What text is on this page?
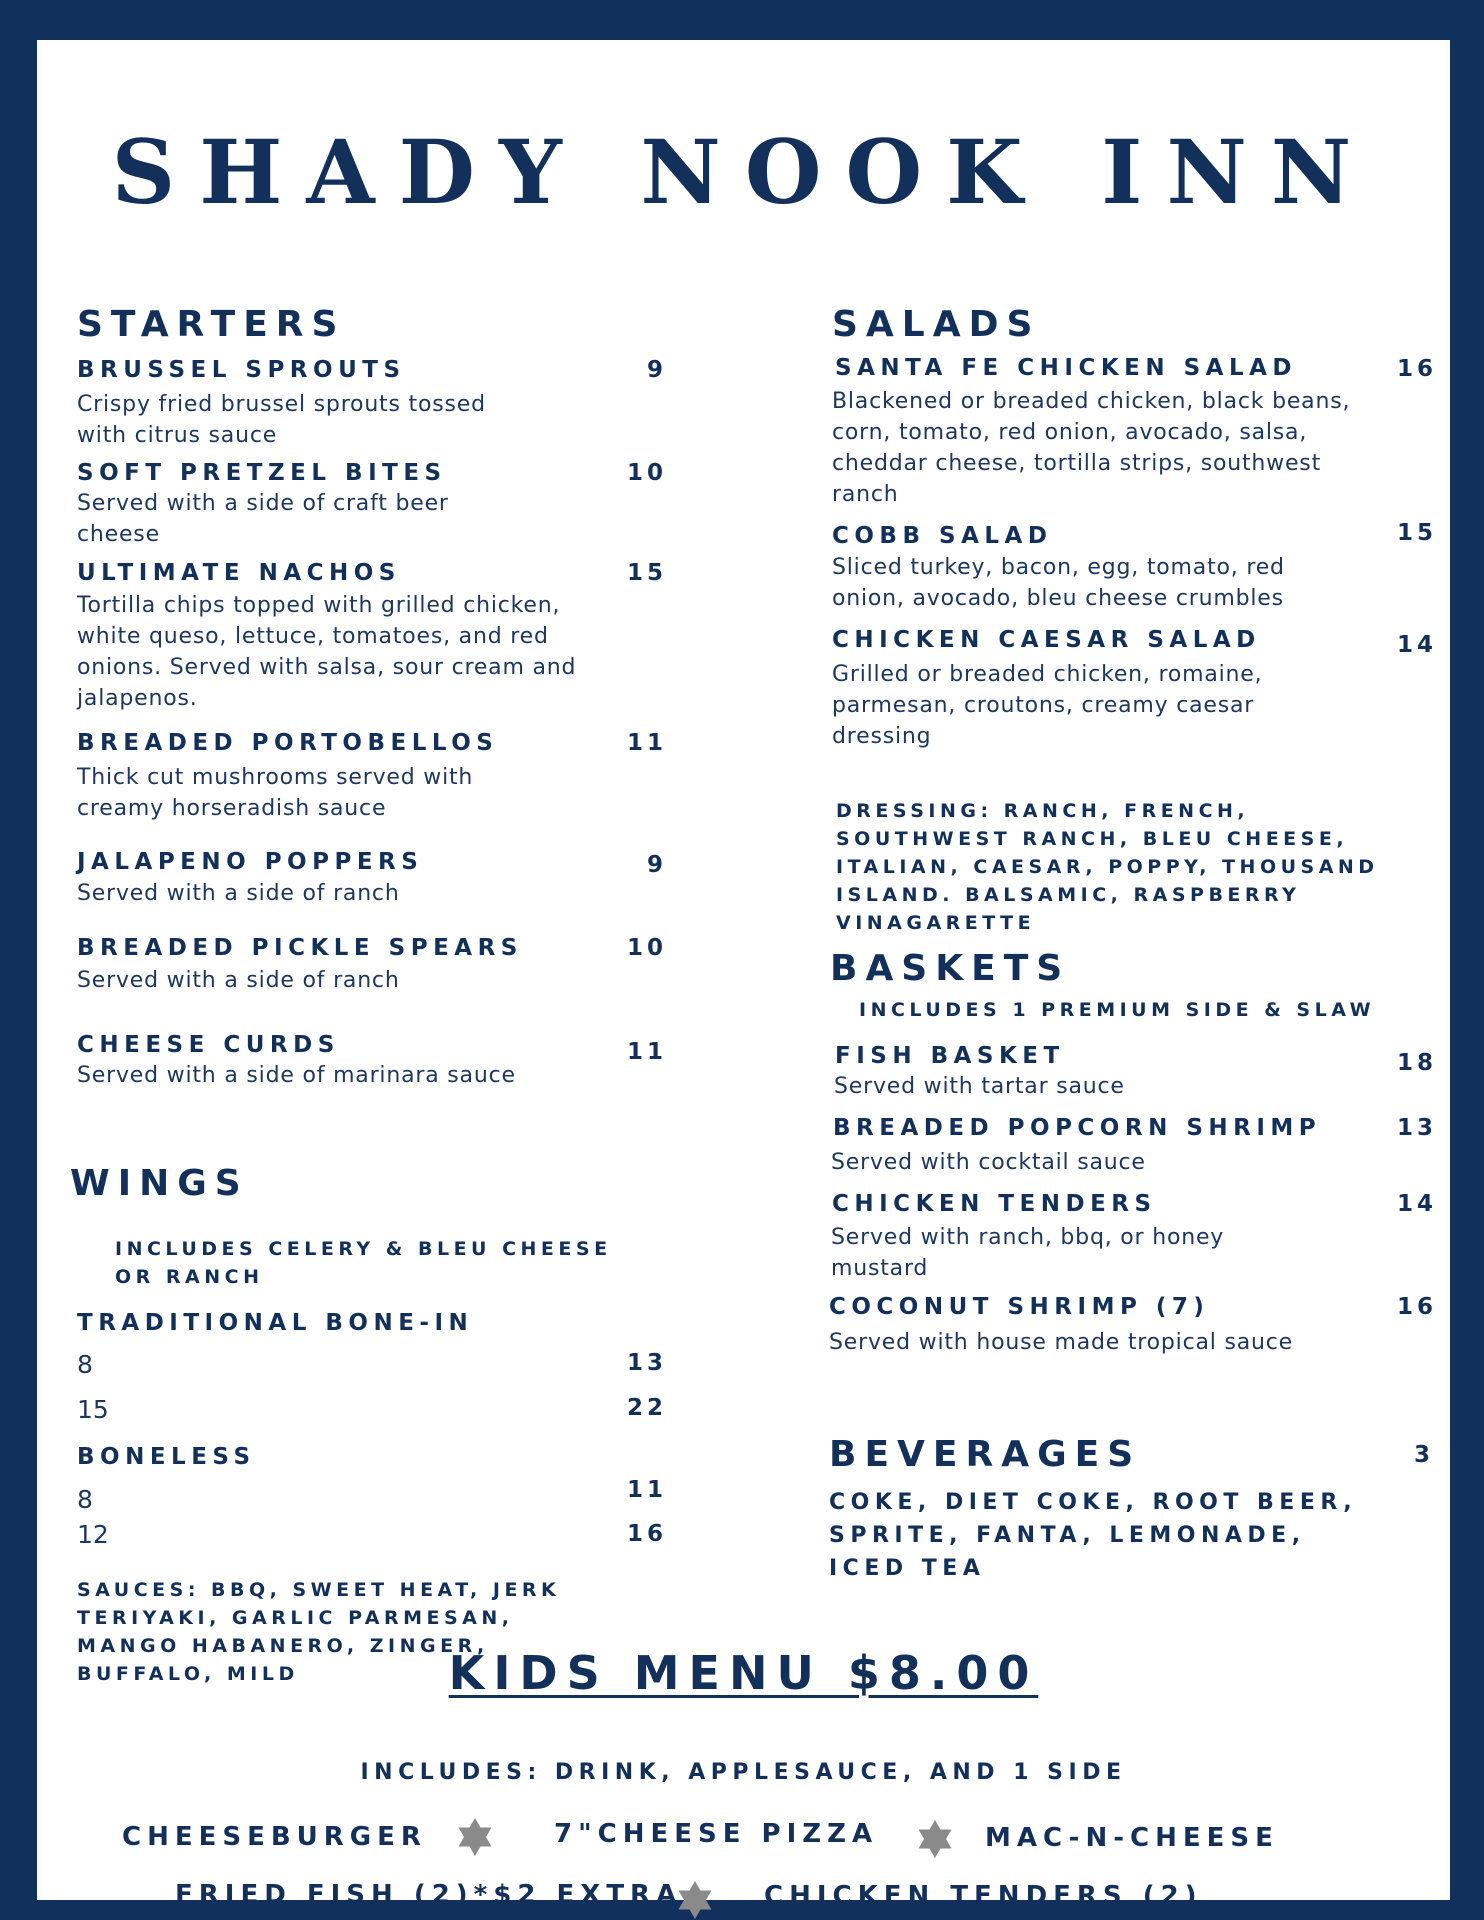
SHADY NOOK INN
STARTERS
BRUSSEL SPROUTS	9
Crispy fried brussel sprouts tossed with citrus sauce
SOFT PRETZEL BITES	10
Served with a side of craft beer cheese
ULTIMATE NACHOS	15
Tortilla chips topped with grilled chicken, white queso, lettuce, tomatoes, and red onions. Served with salsa, sour cream and jalapenos.
BREADED PORTOBELLOS	11
Thick cut mushrooms served with creamy horseradish sauce
JALAPENO POPPERS	9
Served with a side of ranch
BREADED PICKLE SPEARS	10
Served with a side of ranch
CHEESE CURDS	11
Served with a side of marinara sauce
WINGS
INCLUDES CELERY & BLEU CHEESE OR RANCH
TRADITIONAL BONE-IN
8	13
15	22
BONELESS
8	11
12	16
SAUCES: BBQ, SWEET HEAT, JERK TERIYAKI, GARLIC PARMESAN, MANGO HABANERO, ZINGER, BUFFALO, MILD
SALADS
SANTA FE CHICKEN SALAD	16
Blackened or breaded chicken, black beans, corn, tomato, red onion, avocado, salsa, cheddar cheese, tortilla strips, southwest ranch
COBB SALAD	15
Sliced turkey, bacon, egg, tomato, red onion, avocado, bleu cheese crumbles
CHICKEN CAESAR SALAD	14
Grilled or breaded chicken, romaine, parmesan, croutons, creamy caesar dressing
DRESSING: RANCH, FRENCH, SOUTHWEST RANCH, BLEU CHEESE, ITALIAN, CAESAR, POPPY, THOUSAND ISLAND. BALSAMIC, RASPBERRY VINAGARETTE
BASKETS
INCLUDES 1 PREMIUM SIDE & SLAW
FISH BASKET	18
Served with tartar sauce
BREADED POPCORN SHRIMP	13
Served with cocktail sauce
CHICKEN TENDERS	14
Served with ranch, bbq, or honey mustard
COCONUT SHRIMP (7)	16
Served with house made tropical sauce
BEVERAGES	3
COKE, DIET COKE, ROOT BEER, SPRITE, FANTA, LEMONADE, ICED TEA
KIDS MENU $8.00
INCLUDES: DRINK, APPLESAUCE, AND 1 SIDE
CHEESEBURGER	7"CHEESE PIZZA	MAC-N-CHEESE
FRIED FISH (2)*$2 EXTRA	CHICKEN TENDERS (2)
